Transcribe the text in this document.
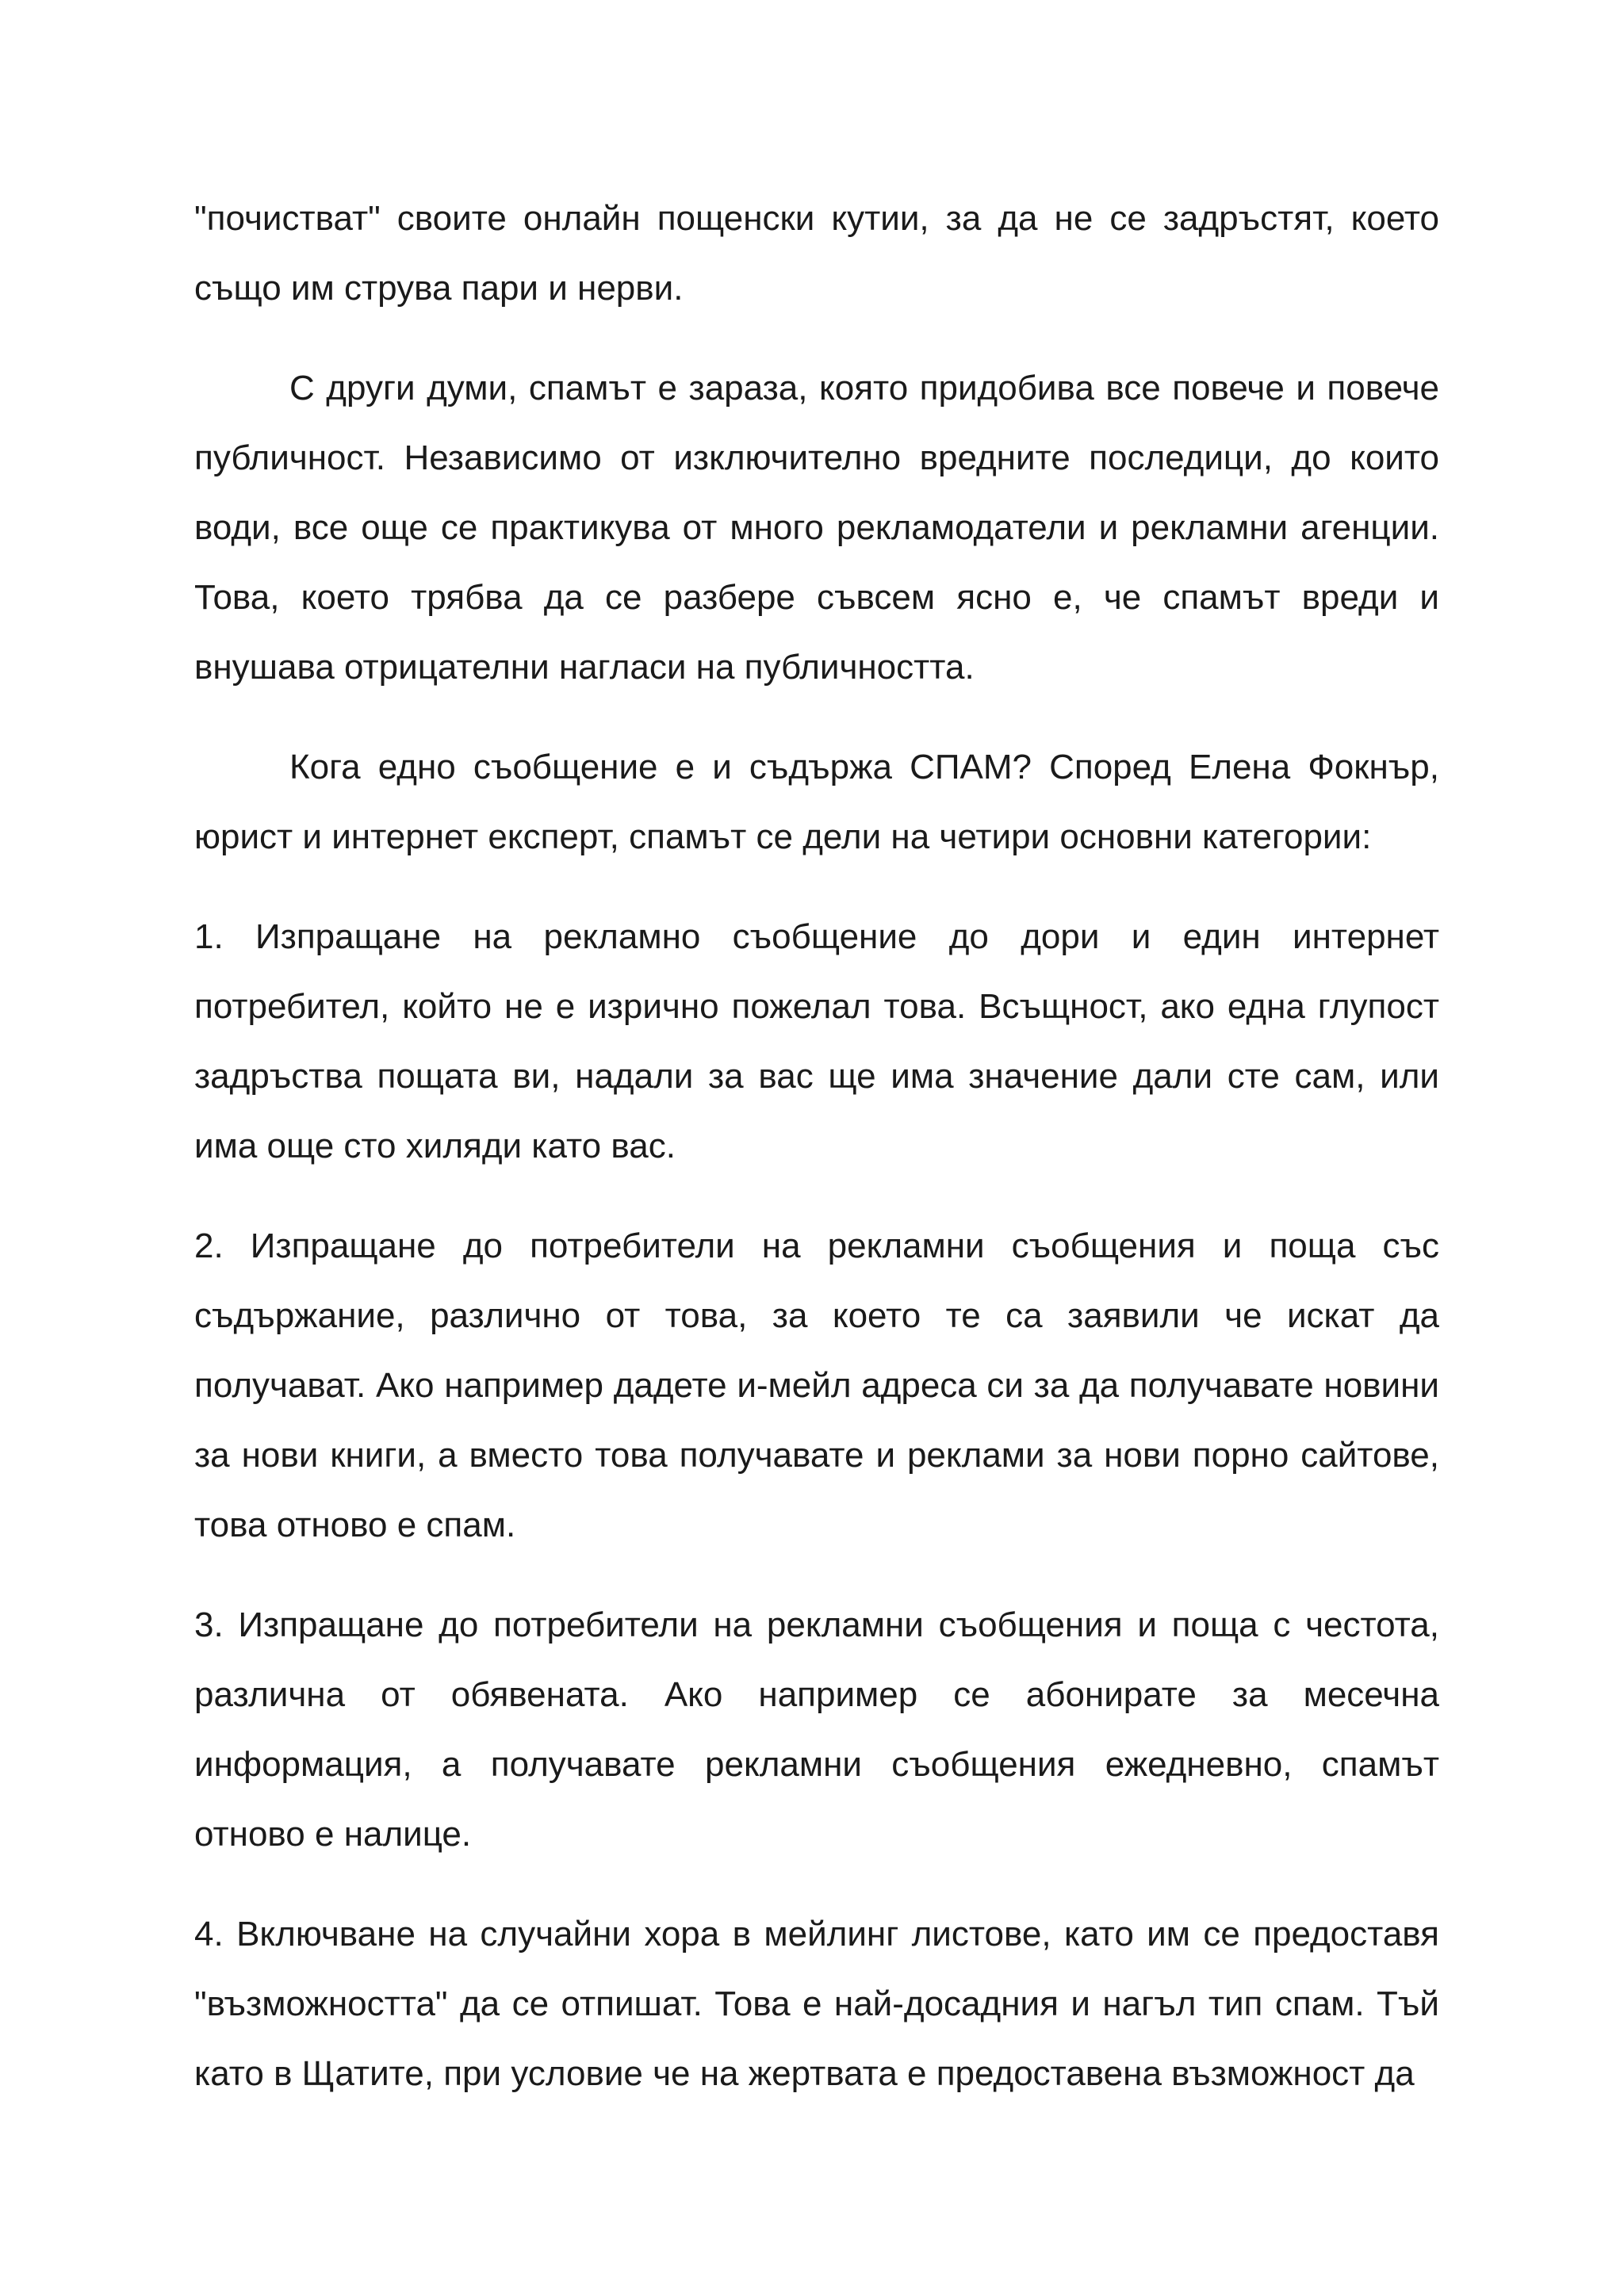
"почистват" своите онлайн пощенски кутии, за да не се задръстят, което също им струва пари и нерви.

С други думи, спамът е зараза, която придобива все повече и повече публичност. Независимо от изключително вредните последици, до които води, все още се практикува от много рекламодатели и рекламни агенции. Това, което трябва да се разбере съвсем ясно е, че спамът вреди и внушава отрицателни нагласи на публичността.

Кога едно съобщение е и съдържа СПАМ? Според Елена Фокнър, юрист и интернет експерт, спамът се дели на четири основни категории:

1. Изпращане на рекламно съобщение до дори и един интернет потребител, който не е изрично пожелал това. Всъщност, ако една глупост задръства пощата ви, надали за вас ще има значение дали сте сам, или има още сто хиляди като вас.

2. Изпращане до потребители на рекламни съобщения и поща със съдържание, различно от това, за което те са заявили че искат да получават. Ако например дадете и-мейл адреса си за да получавате новини за нови книги, а вместо това получавате и реклами за нови порно сайтове, това отново е спам.

3. Изпращане до потребители на рекламни съобщения и поща с честота, различна от обявената. Ако например се абонирате за месечна информация, а получавате рекламни съобщения ежедневно, спамът отново е налице.

4. Включване на случайни хора в мейлинг листове, като им се предоставя "възможността" да се отпишат. Това е най-досадния и нагъл тип спам. Тъй като в Щатите, при условие че на жертвата е предоставена възможност да
